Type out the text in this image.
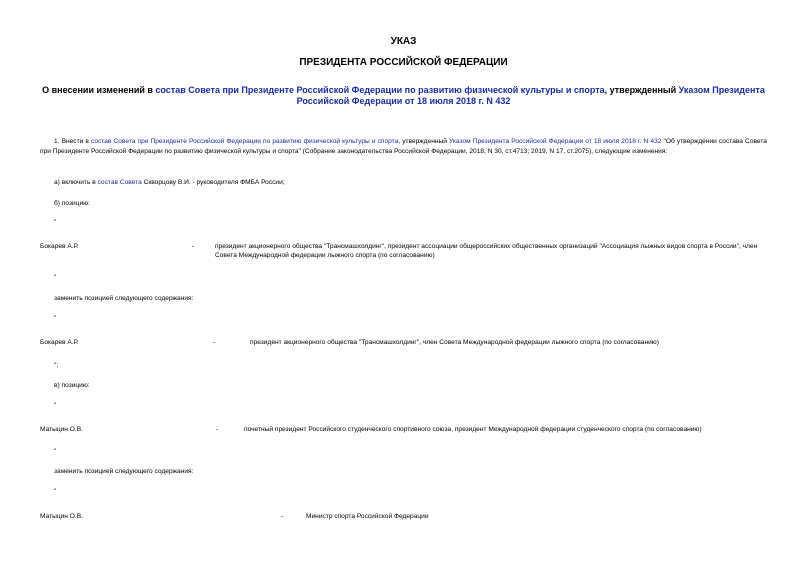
УКАЗ
ПРЕЗИДЕНТА РОССИЙСКОЙ ФЕДЕРАЦИИ
О внесении изменений в состав Совета при Президенте Российской Федерации по развитию физической культуры и спорта, утвержденный Указом Президента Российской Федерации от 18 июля 2018 г. N 432
1. Внести в состав Совета при Президенте Российской Федерации по развитию физической культуры и спорта, утвержденный Указом Президента Российской Федерации от 18 июля 2018 г. N 432 "Об утверждении состава Совета при Президенте Российской Федерации по развитию физической культуры и спорта" (Собрание законодательства Российской Федерации, 2018, N 30, ст.4713; 2019, N 17, ст.2075), следующие изменения:
а) включить в состав Совета Скворцову В.И. - руководителя ФМБА России;
б) позицию:
"
Бокарев А.Р.	-	президент акционерного общества "Трансмашхолдинг", президент ассоциации общероссийских общественных организаций "Ассоциация лыжных видов спорта в России", член Совета Международной федерации лыжного спорта (по согласованию)
"
заменить позицией следующего содержания:
"
Бокарев А.Р.	-	президент акционерного общества "Трансмашхолдинг", член Совета Международной федерации лыжного спорта (по согласованию)
";
в) позицию:
"
Матыцин О.В.	-	почетный президент Российского студенческого спортивного союза, президент Международной федерации студенческого спорта (по согласованию)
"
заменить позицией следующего содержания:
"
Матыцин О.В.	-	Министр спорта Российской Федерации
